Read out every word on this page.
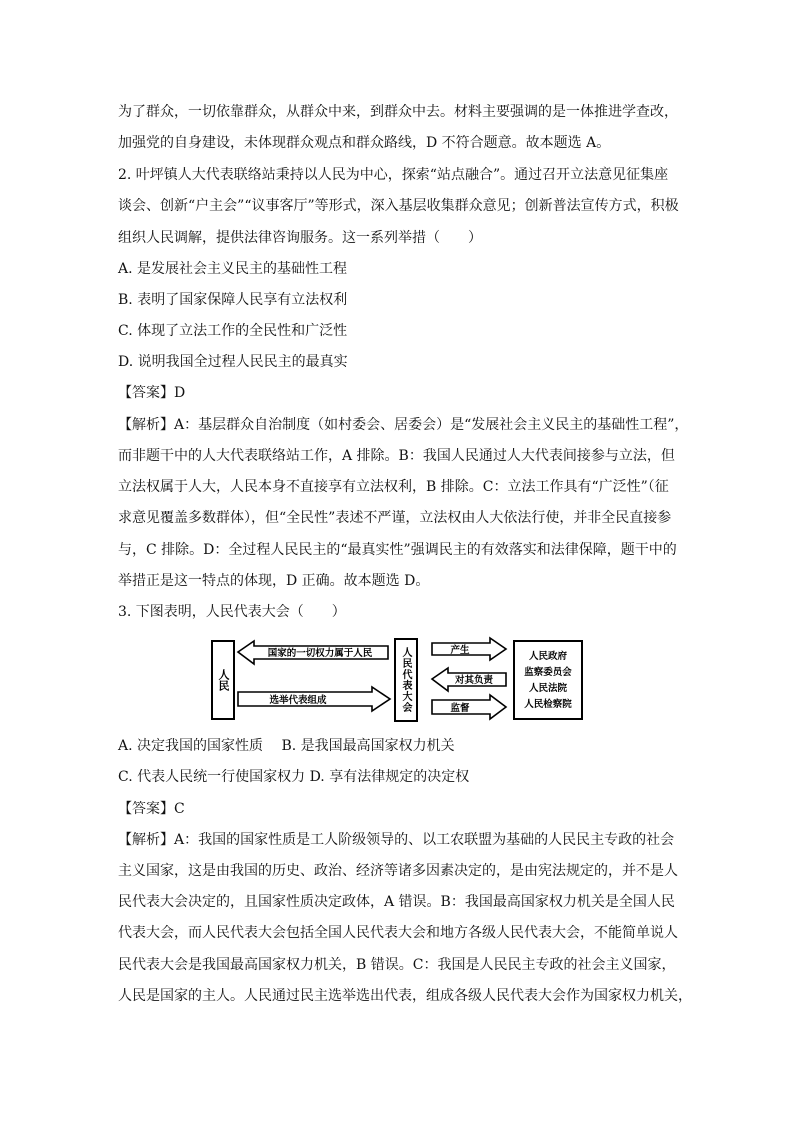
为了群众，一切依靠群众，从群众中来，到群众中去。材料主要强调的是一体推进学查改，
加强党的自身建设，未体现群众观点和群众路线，D 不符合题意。故本题选 A。
2. 叶坪镇人大代表联络站秉持以人民为中心，探索“站点融合”。通过召开立法意见征集座
谈会、创新“户主会”“议事客厅”等形式，深入基层收集群众意见；创新普法宣传方式，积极
组织人民调解，提供法律咨询服务。这一系列举措（　　）
A. 是发展社会主义民主的基础性工程
B. 表明了国家保障人民享有立法权利
C. 体现了立法工作的全民性和广泛性
D. 说明我国全过程人民民主的最真实
【答案】D
【解析】A：基层群众自治制度（如村委会、居委会）是“发展社会主义民主的基础性工程”，
而非题干中的人大代表联络站工作，A 排除。B：我国人民通过人大代表间接参与立法，但
立法权属于人大，人民本身不直接享有立法权利，B 排除。C：立法工作具有“广泛性”（征
求意见覆盖多数群体），但“全民性”表述不严谨，立法权由人大依法行使，并非全民直接参
与，C 排除。D：全过程人民民主的“最真实性”强调民主的有效落实和法律保障，题干中的
举措正是这一特点的体现，D 正确。故本题选 D。
3. 下图表明，人民代表大会（　　）
人民
国家的一切权力属于人民
选举代表组成	人民代表大会	产生
对其负责
监督
人民政府
监察委员会
人民法院
人民检察院
A. 决定我国的国家性质　 B. 是我国最高国家权力机关
C. 代表人民统一行使国家权力 D. 享有法律规定的决定权
【答案】C
【解析】A：我国的国家性质是工人阶级领导的、以工农联盟为基础的人民民主专政的社会
主义国家，这是由我国的历史、政治、经济等诸多因素决定的，是由宪法规定的，并不是人
民代表大会决定的，且国家性质决定政体，A 错误。B：我国最高国家权力机关是全国人民
代表大会，而人民代表大会包括全国人民代表大会和地方各级人民代表大会，不能简单说人
民代表大会是我国最高国家权力机关，B 错误。C：我国是人民民主专政的社会主义国家，
人民是国家的主人。人民通过民主选举选出代表，组成各级人民代表大会作为国家权力机关，
